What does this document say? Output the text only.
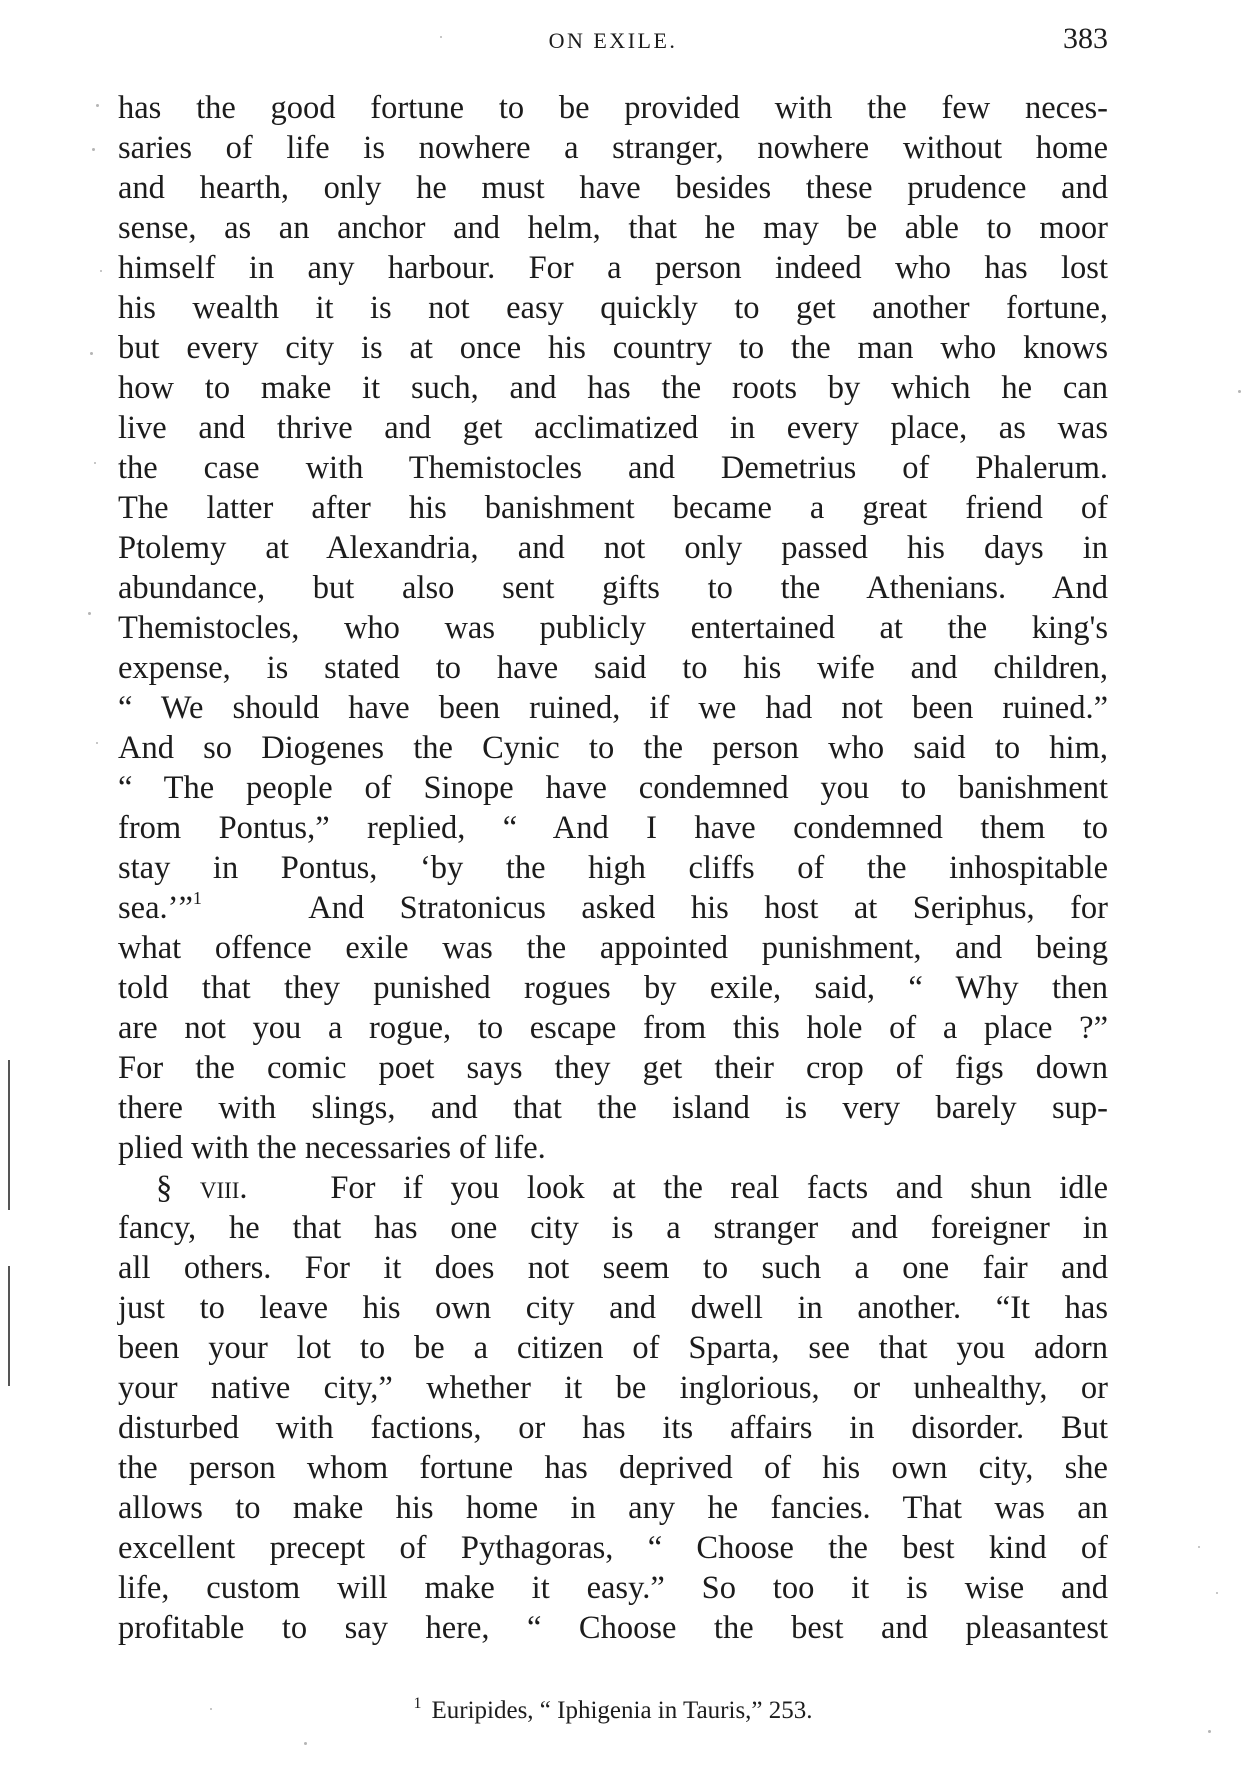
ON EXILE.	383
has the good fortune to be provided with the few neces-
saries of life is nowhere a stranger, nowhere without home
and hearth, only he must have besides these prudence and
sense, as an anchor and helm, that he may be able to moor
himself in any harbour. For a person indeed who has lost
his wealth it is not easy quickly to get another fortune,
but every city is at once his country to the man who knows
how to make it such, and has the roots by which he can
live and thrive and get acclimatized in every place, as was
the case with Themistocles and Demetrius of Phalerum.
The latter after his banishment became a great friend of
Ptolemy at Alexandria, and not only passed his days in
abundance, but also sent gifts to the Athenians. And
Themistocles, who was publicly entertained at the king's
expense, is stated to have said to his wife and children,
“ We should have been ruined, if we had not been ruined.”
And so Diogenes the Cynic to the person who said to him,
“ The people of Sinope have condemned you to banishment
from Pontus,” replied, “ And I have condemned them to
stay in Pontus, ‘by the high cliffs of the inhospitable
sea.’”$^1$	And Stratonicus asked his host at Seriphus, for
what offence exile was the appointed punishment, and being
told that they punished rogues by exile, said, “ Why then
are not you a rogue, to escape from this hole of a place ?”
For the comic poet says they get their crop of figs down
there with slings, and that the island is very barely sup-
plied with the necessaries of life.
§ viii.	For if you look at the real facts and shun idle
fancy, he that has one city is a stranger and foreigner in
all others. For it does not seem to such a one fair and
just to leave his own city and dwell in another. “It has
been your lot to be a citizen of Sparta, see that you adorn
your native city,” whether it be inglorious, or unhealthy, or
disturbed with factions, or has its affairs in disorder. But
the person whom fortune has deprived of his own city, she
allows to make his home in any he fancies. That was an
excellent precept of Pythagoras, “ Choose the best kind of
life, custom will make it easy.” So too it is wise and
profitable to say here, “ Choose the best and pleasantest
$^1$ Euripides, “ Iphigenia in Tauris,” 253.
